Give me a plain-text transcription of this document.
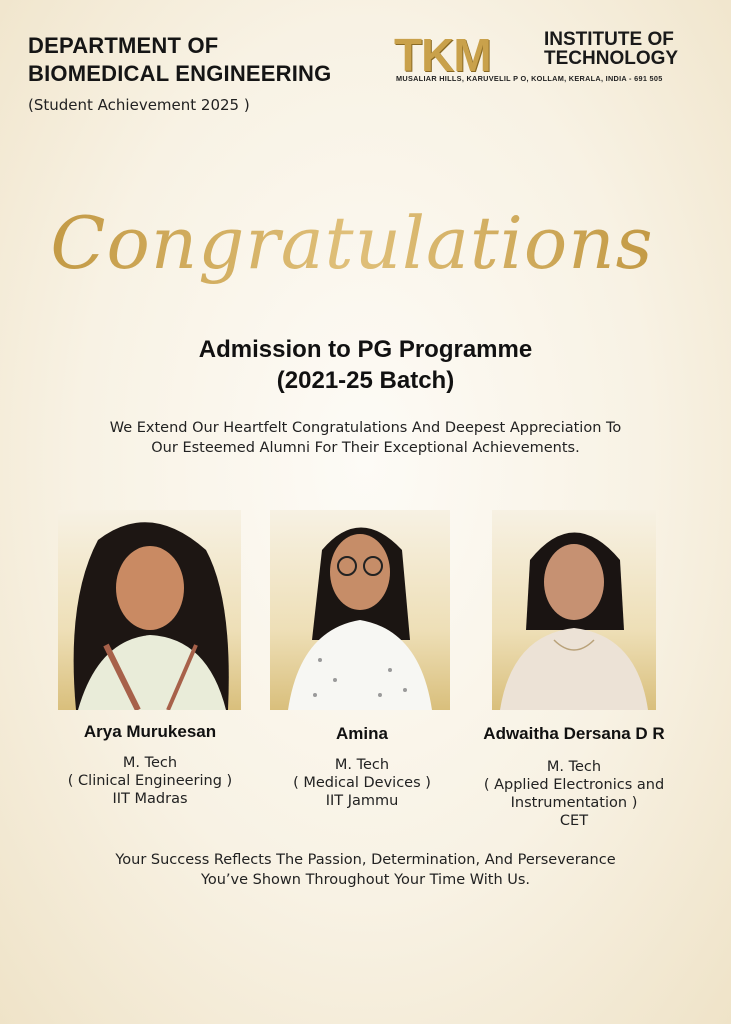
DEPARTMENT OF
BIOMEDICAL ENGINEERING
(Student Achievement 2025 )
TKM	INSTITUTE OF
TECHNOLOGY
MUSALIAR HILLS, KARUVELIL P O, KOLLAM, KERALA, INDIA - 691 505
Congratulations
Admission to PG Programme
(2021-25 Batch)
We Extend Our Heartfelt Congratulations And Deepest Appreciation To
Our Esteemed Alumni For Their Exceptional Achievements.
Arya Murukesan
M. Tech
( Clinical Engineering )
IIT Madras
Amina
M. Tech
( Medical Devices )
IIT Jammu
Adwaitha Dersana D R
M. Tech
( Applied Electronics and
Instrumentation )
CET
Your Success Reflects The Passion, Determination, And Perseverance
You’ve Shown Throughout Your Time With Us.
